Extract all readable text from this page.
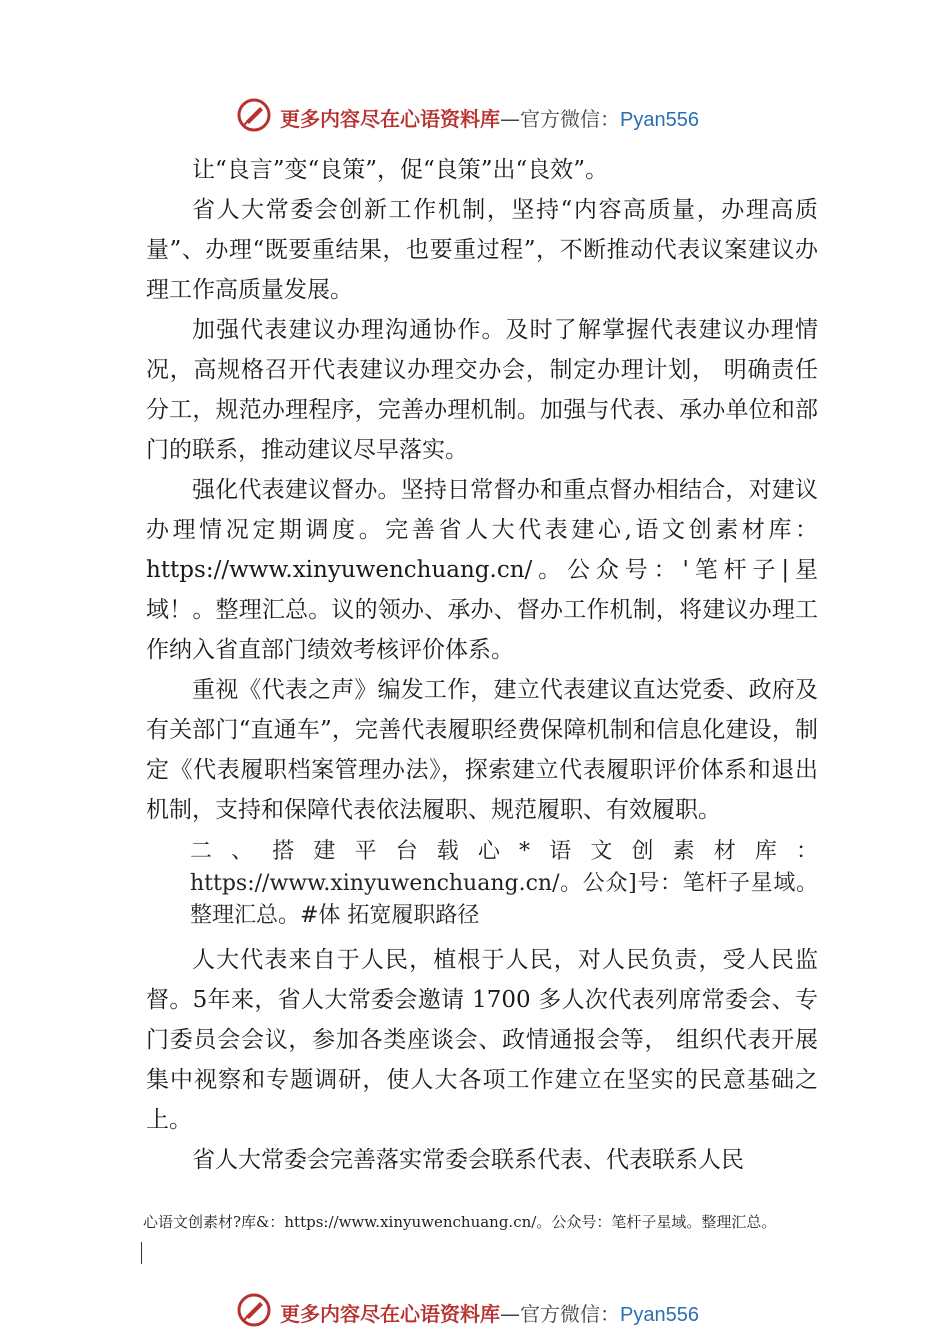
更多内容尽在心语资料库—官方微信：Pyan556

让“良言”变“良策”，促“良策”出“良效”。

省人大常委会创新工作机制，坚持“内容高质量，办理高质量”、办理“既要重结果，也要重过程”，不断推动代表议案建议办理工作高质量发展。

加强代表建议办理沟通协作。及时了解掌握代表建议办理情况，高规格召开代表建议办理交办会，制定办理计划， 明确责任分工，规范办理程序，完善办理机制。加强与代表、承办单位和部门的联系，推动建议尽早落实。

强化代表建议督办。坚持日常督办和重点督办相结合，对建议办理情况定期调度。完善省人大代表建心,语文创素材库：https://www.xinyuwenchuang.cn/。公众号：'笔杆子|星域！。整理汇总。议的领办、承办、督办工作机制，将建议办理工作纳入省直部门绩效考核评价体系。

重视《代表之声》编发工作，建立代表建议直达党委、政府及有关部门“直通车”，完善代表履职经费保障机制和信息化建设，制定《代表履职档案管理办法》，探索建立代表履职评价体系和退出机制，支持和保障代表依法履职、规范履职、有效履职。

二、搭建平台载心*语文创素材库：https://www.xinyuwenchuang.cn/。公众]号：笔杆子星域。整理汇总。#体 拓宽履职路径

人大代表来自于人民，植根于人民，对人民负责，受人民监督。5年来，省人大常委会邀请 1700 多人次代表列席常委会、专门委员会会议，参加各类座谈会、政情通报会等， 组织代表开展集中视察和专题调研，使人大各项工作建立在坚实的民意基础之上。

省人大常委会完善落实常委会联系代表、代表联系人民

心语文创素材?库&：https://www.xinyuwenchuang.cn/。公众号：笔杆子星域。整理汇总。
更多内容尽在心语资料库—官方微信：Pyan556
